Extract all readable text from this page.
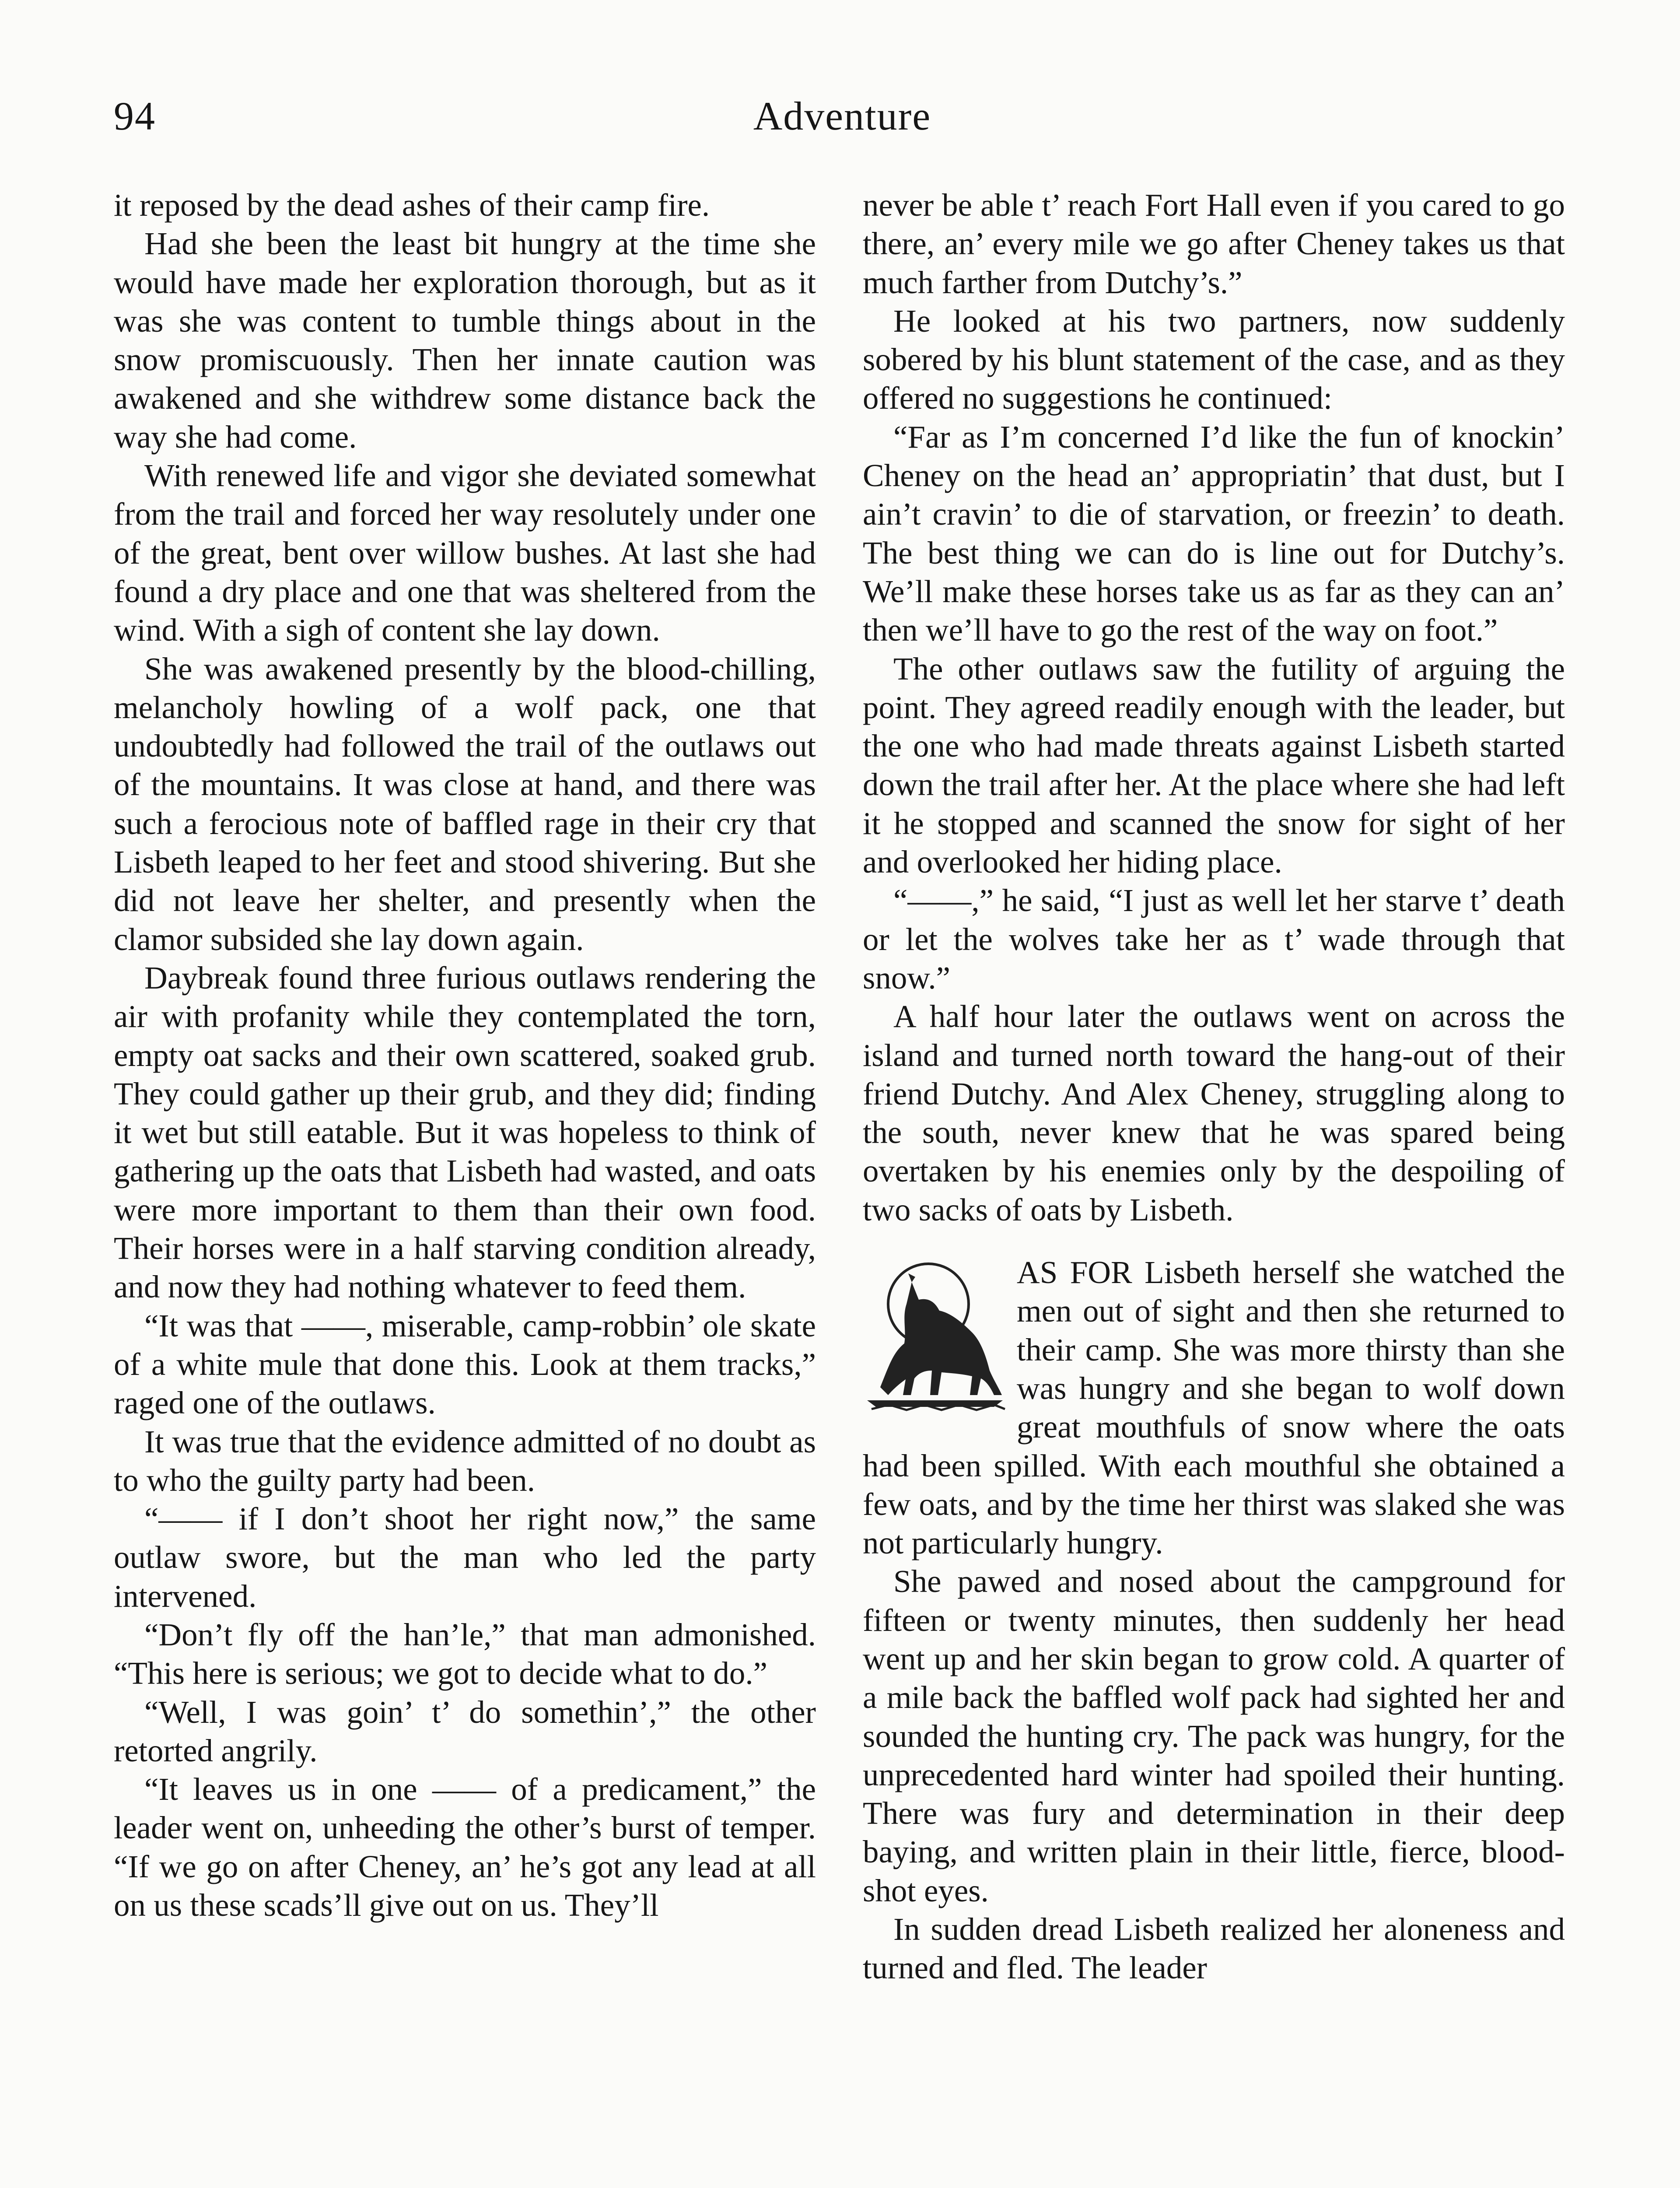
94	Adventure

it reposed by the dead ashes of their camp fire.

Had she been the least bit hungry at the time she would have made her exploration thorough, but as it was she was content to tumble things about in the snow promiscuously. Then her innate caution was awakened and she withdrew some distance back the way she had come.

With renewed life and vigor she deviated somewhat from the trail and forced her way resolutely under one of the great, bent over willow bushes. At last she had found a dry place and one that was sheltered from the wind. With a sigh of content she lay down.

She was awakened presently by the blood-chilling, melancholy howling of a wolf pack, one that undoubtedly had followed the trail of the outlaws out of the mountains. It was close at hand, and there was such a ferocious note of baffled rage in their cry that Lisbeth leaped to her feet and stood shivering. But she did not leave her shelter, and presently when the clamor subsided she lay down again.

Daybreak found three furious outlaws rendering the air with profanity while they contemplated the torn, empty oat sacks and their own scattered, soaked grub. They could gather up their grub, and they did; finding it wet but still eatable. But it was hopeless to think of gathering up the oats that Lisbeth had wasted, and oats were more important to them than their own food. Their horses were in a half starving condition already, and now they had nothing whatever to feed them.

“It was that ——, miserable, camp-robbin’ ole skate of a white mule that done this. Look at them tracks,” raged one of the outlaws.

It was true that the evidence admitted of no doubt as to who the guilty party had been.

“—— if I don’t shoot her right now,” the same outlaw swore, but the man who led the party intervened.

“Don’t fly off the han’le,” that man admonished. “This here is serious; we got to decide what to do.”

“Well, I was goin’ t’ do somethin’,” the other retorted angrily.

“It leaves us in one —— of a predicament,” the leader went on, unheeding the other’s burst of temper. “If we go on after Cheney, an’ he’s got any lead at all on us these scads’ll give out on us. They’ll

never be able t’ reach Fort Hall even if you cared to go there, an’ every mile we go after Cheney takes us that much farther from Dutchy’s.”

He looked at his two partners, now suddenly sobered by his blunt statement of the case, and as they offered no suggestions he continued:

“Far as I’m concerned I’d like the fun of knockin’ Cheney on the head an’ appropriatin’ that dust, but I ain’t cravin’ to die of starvation, or freezin’ to death. The best thing we can do is line out for Dutchy’s. We’ll make these horses take us as far as they can an’ then we’ll have to go the rest of the way on foot.”

The other outlaws saw the futility of arguing the point. They agreed readily enough with the leader, but the one who had made threats against Lisbeth started down the trail after her. At the place where she had left it he stopped and scanned the snow for sight of her and overlooked her hiding place.

“——,” he said, “I just as well let her starve t’ death or let the wolves take her as t’ wade through that snow.”

A half hour later the outlaws went on across the island and turned north toward the hang-out of their friend Dutchy. And Alex Cheney, struggling along to the south, never knew that he was spared being overtaken by his enemies only by the despoiling of two sacks of oats by Lisbeth.

AS FOR Lisbeth herself she watched the men out of sight and then she returned to their camp. She was more thirsty than she was hungry and she began to wolf down great mouthfuls of snow where the oats had been spilled. With each mouthful she obtained a few oats, and by the time her thirst was slaked she was not particularly hungry.

She pawed and nosed about the campground for fifteen or twenty minutes, then suddenly her head went up and her skin began to grow cold. A quarter of a mile back the baffled wolf pack had sighted her and sounded the hunting cry. The pack was hungry, for the unprecedented hard winter had spoiled their hunting. There was fury and determination in their deep baying, and written plain in their little, fierce, blood-shot eyes.

In sudden dread Lisbeth realized her aloneness and turned and fled. The leader
